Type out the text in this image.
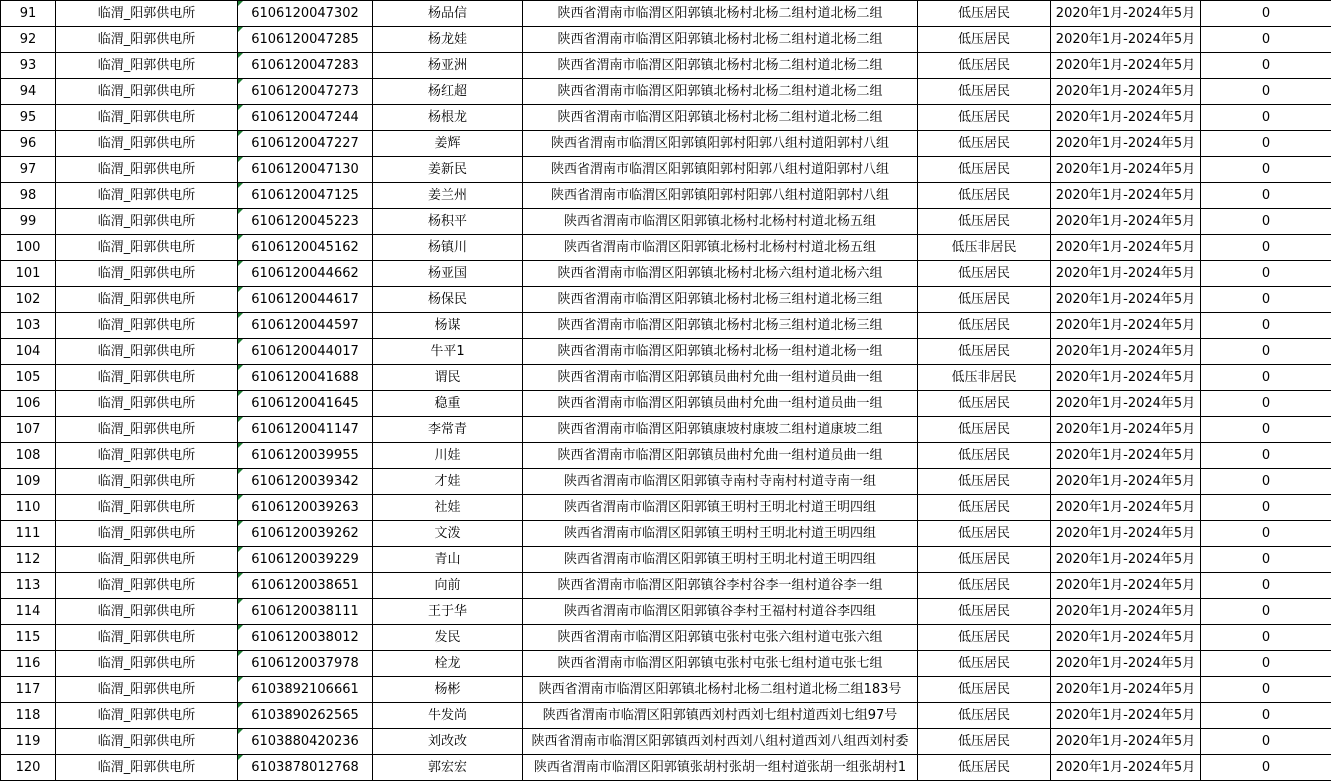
91	临渭_阳郭供电所	6106120047302	杨品信	陕西省渭南市临渭区阳郭镇北杨村北杨二组村道北杨二组	低压居民	2020年1月-2024年5月	0
92	临渭_阳郭供电所	6106120047285	杨龙娃	陕西省渭南市临渭区阳郭镇北杨村北杨二组村道北杨二组	低压居民	2020年1月-2024年5月	0
93	临渭_阳郭供电所	6106120047283	杨亚洲	陕西省渭南市临渭区阳郭镇北杨村北杨二组村道北杨二组	低压居民	2020年1月-2024年5月	0
94	临渭_阳郭供电所	6106120047273	杨红超	陕西省渭南市临渭区阳郭镇北杨村北杨二组村道北杨二组	低压居民	2020年1月-2024年5月	0
95	临渭_阳郭供电所	6106120047244	杨根龙	陕西省渭南市临渭区阳郭镇北杨村北杨二组村道北杨二组	低压居民	2020年1月-2024年5月	0
96	临渭_阳郭供电所	6106120047227	姜辉	陕西省渭南市临渭区阳郭镇阳郭村阳郭八组村道阳郭村八组	低压居民	2020年1月-2024年5月	0
97	临渭_阳郭供电所	6106120047130	姜新民	陕西省渭南市临渭区阳郭镇阳郭村阳郭八组村道阳郭村八组	低压居民	2020年1月-2024年5月	0
98	临渭_阳郭供电所	6106120047125	姜兰州	陕西省渭南市临渭区阳郭镇阳郭村阳郭八组村道阳郭村八组	低压居民	2020年1月-2024年5月	0
99	临渭_阳郭供电所	6106120045223	杨积平	陕西省渭南市临渭区阳郭镇北杨村北杨村村道北杨五组	低压居民	2020年1月-2024年5月	0
100	临渭_阳郭供电所	6106120045162	杨镇川	陕西省渭南市临渭区阳郭镇北杨村北杨村村道北杨五组	低压非居民	2020年1月-2024年5月	0
101	临渭_阳郭供电所	6106120044662	杨亚国	陕西省渭南市临渭区阳郭镇北杨村北杨六组村道北杨六组	低压居民	2020年1月-2024年5月	0
102	临渭_阳郭供电所	6106120044617	杨保民	陕西省渭南市临渭区阳郭镇北杨村北杨三组村道北杨三组	低压居民	2020年1月-2024年5月	0
103	临渭_阳郭供电所	6106120044597	杨谋	陕西省渭南市临渭区阳郭镇北杨村北杨三组村道北杨三组	低压居民	2020年1月-2024年5月	0
104	临渭_阳郭供电所	6106120044017	牛平1	陕西省渭南市临渭区阳郭镇北杨村北杨一组村道北杨一组	低压居民	2020年1月-2024年5月	0
105	临渭_阳郭供电所	6106120041688	谓民	陕西省渭南市临渭区阳郭镇员曲村允曲一组村道员曲一组	低压非居民	2020年1月-2024年5月	0
106	临渭_阳郭供电所	6106120041645	稳重	陕西省渭南市临渭区阳郭镇员曲村允曲一组村道员曲一组	低压居民	2020年1月-2024年5月	0
107	临渭_阳郭供电所	6106120041147	李常青	陕西省渭南市临渭区阳郭镇康坡村康坡二组村道康坡二组	低压居民	2020年1月-2024年5月	0
108	临渭_阳郭供电所	6106120039955	川娃	陕西省渭南市临渭区阳郭镇员曲村允曲一组村道员曲一组	低压居民	2020年1月-2024年5月	0
109	临渭_阳郭供电所	6106120039342	才娃	陕西省渭南市临渭区阳郭镇寺南村寺南村村道寺南一组	低压居民	2020年1月-2024年5月	0
110	临渭_阳郭供电所	6106120039263	社娃	陕西省渭南市临渭区阳郭镇王明村王明北村道王明四组	低压居民	2020年1月-2024年5月	0
111	临渭_阳郭供电所	6106120039262	文泼	陕西省渭南市临渭区阳郭镇王明村王明北村道王明四组	低压居民	2020年1月-2024年5月	0
112	临渭_阳郭供电所	6106120039229	青山	陕西省渭南市临渭区阳郭镇王明村王明北村道王明四组	低压居民	2020年1月-2024年5月	0
113	临渭_阳郭供电所	6106120038651	向前	陕西省渭南市临渭区阳郭镇谷李村谷李一组村道谷李一组	低压居民	2020年1月-2024年5月	0
114	临渭_阳郭供电所	6106120038111	王于华	陕西省渭南市临渭区阳郭镇谷李村王福村村道谷李四组	低压居民	2020年1月-2024年5月	0
115	临渭_阳郭供电所	6106120038012	发民	陕西省渭南市临渭区阳郭镇屯张村屯张六组村道屯张六组	低压居民	2020年1月-2024年5月	0
116	临渭_阳郭供电所	6106120037978	栓龙	陕西省渭南市临渭区阳郭镇屯张村屯张七组村道屯张七组	低压居民	2020年1月-2024年5月	0
117	临渭_阳郭供电所	6103892106661	杨彬	陕西省渭南市临渭区阳郭镇北杨村北杨二组村道北杨二组183号	低压居民	2020年1月-2024年5月	0
118	临渭_阳郭供电所	6103890262565	牛发尚	陕西省渭南市临渭区阳郭镇西刘村西刘七组村道西刘七组97号	低压居民	2020年1月-2024年5月	0
119	临渭_阳郭供电所	6103880420236	刘改改	陕西省渭南市临渭区阳郭镇西刘村西刘八组村道西刘八组西刘村委	低压居民	2020年1月-2024年5月	0
120	临渭_阳郭供电所	6103878012768	郭宏宏	陕西省渭南市临渭区阳郭镇张胡村张胡一组村道张胡一组张胡村1	低压居民	2020年1月-2024年5月	0
